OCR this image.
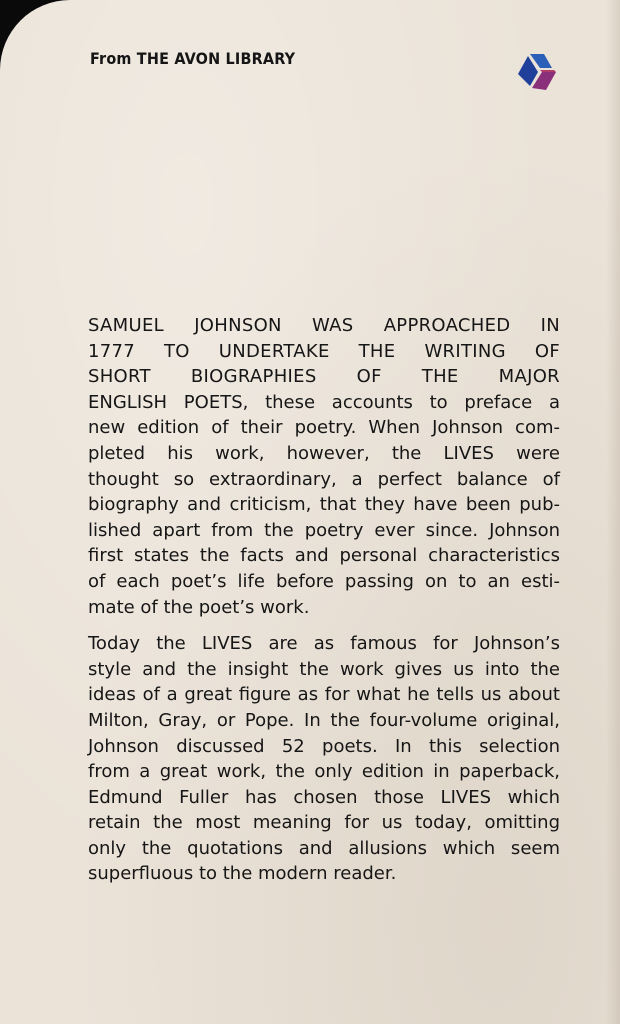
From THE AVON LIBRARY
SAMUEL JOHNSON WAS APPROACHED IN
1777 TO UNDERTAKE THE WRITING OF
SHORT BIOGRAPHIES OF THE MAJOR
ENGLISH POETS, these accounts to preface a
new edition of their poetry. When Johnson com-
pleted his work, however, the LIVES were
thought so extraordinary, a perfect balance of
biography and criticism, that they have been pub-
lished apart from the poetry ever since. Johnson
first states the facts and personal characteristics
of each poet’s life before passing on to an esti-
mate of the poet’s work.
Today the LIVES are as famous for Johnson’s
style and the insight the work gives us into the
ideas of a great figure as for what he tells us about
Milton, Gray, or Pope. In the four-volume original,
Johnson discussed 52 poets. In this selection
from a great work, the only edition in paperback,
Edmund Fuller has chosen those LIVES which
retain the most meaning for us today, omitting
only the quotations and allusions which seem
superfluous to the modern reader.
